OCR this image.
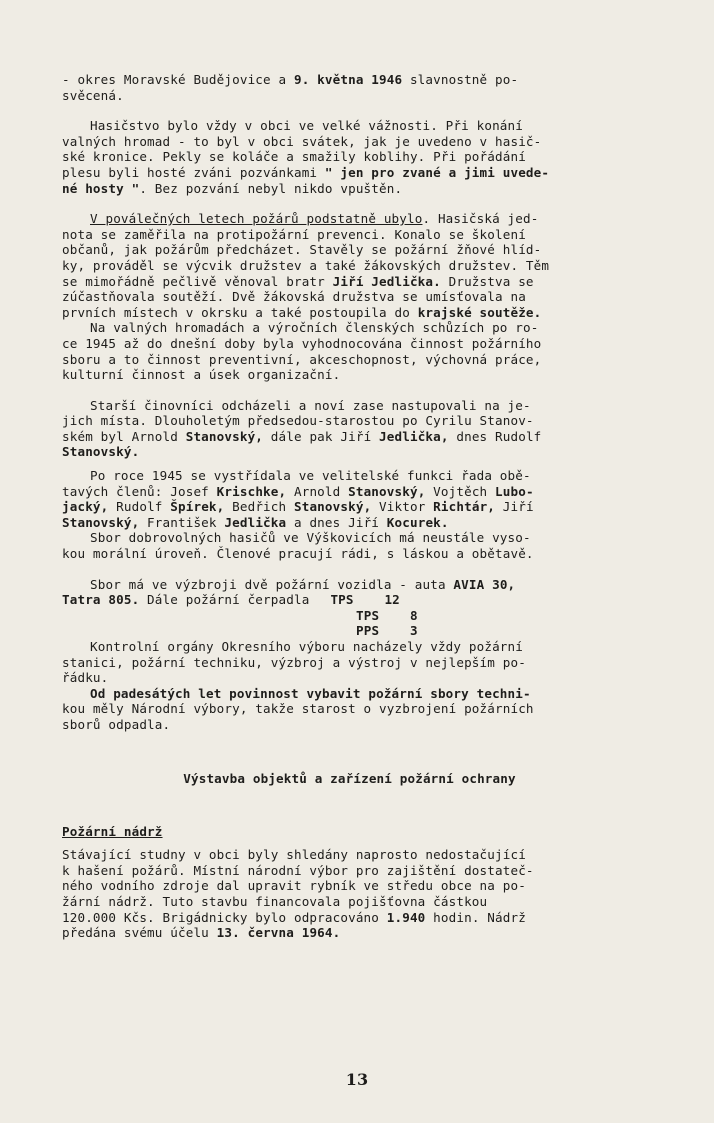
- okres Moravské Budějovice a 9. května 1946 slavnostně po-
svěcená.
Hasičstvo bylo vždy v obci ve velké vážnosti. Při konání
valných hromad - to byl v obci svátek, jak je uvedeno v hasič-
ské kronice. Pekly se koláče a smažily koblihy. Při pořádání
plesu byli hosté zváni pozvánkami " jen pro zvané a jimi uvede-
né hosty ". Bez pozvání nebyl nikdo vpuštěn.
V poválečných letech požárů podstatně ubylo. Hasičská jed-
nota se zaměřila na protipožární prevenci. Konalo se školení
občanů, jak požárům předcházet. Stavěly se požární žňové hlíd-
ky, prováděl se výcvik družstev a také žákovských družstev. Těm
se mimořádně pečlivě věnoval bratr Jiří Jedlička. Družstva se
zúčastňovala soutěží. Dvě žákovská družstva se umísťovala na
prvních místech v okrsku a také postoupila do krajské soutěže.
Na valných hromadách a výročních členských schůzích po ro-
ce 1945 až do dnešní doby byla vyhodnocována činnost požárního
sboru a to činnost preventivní, akceschopnost, výchovná práce,
kulturní činnost a úsek organizační.
Starší činovníci odcházeli a noví zase nastupovali na je-
jich místa. Dlouholetým předsedou-starostou po Cyrilu Stanov-
ském byl Arnold Stanovský, dále pak Jiří Jedlička, dnes Rudolf
Stanovský.
Po roce 1945 se vystřídala ve velitelské funkci řada obě-
tavých členů: Josef Krischke, Arnold Stanovský, Vojtěch Lubo-
jacký, Rudolf Špírek, Bedřich Stanovský, Viktor Richtár, Jiří
Stanovský, František Jedlička a dnes Jiří Kocurek.
Sbor dobrovolných hasičů ve Výškovicích má neustále vyso-
kou morální úroveň. Členové pracují rádi, s láskou a obětavě.
Sbor má ve výzbroji dvě požární vozidla - auta AVIA 30,
Tatra 805. Dále požární čerpadla TPS	12
TPS	8
PPS	3
Kontrolní orgány Okresního výboru nacházely vždy požární
stanici, požární techniku, výzbroj a výstroj v nejlepším po-
řádku.
Od padesátých let povinnost vybavit požární sbory techni-
kou měly Národní výbory, takže starost o vyzbrojení požárních
sborů odpadla.
Výstavba objektů a zařízení požární ochrany
Požární nádrž
Stávající studny v obci byly shledány naprosto nedostačující
k hašení požárů. Místní národní výbor pro zajištění dostateč-
ného vodního zdroje dal upravit rybník ve středu obce na po-
žární nádrž. Tuto stavbu financovala pojišťovna částkou
120.000 Kčs. Brigádnicky bylo odpracováno 1.940 hodin. Nádrž
předána svému účelu 13. června 1964.
13
